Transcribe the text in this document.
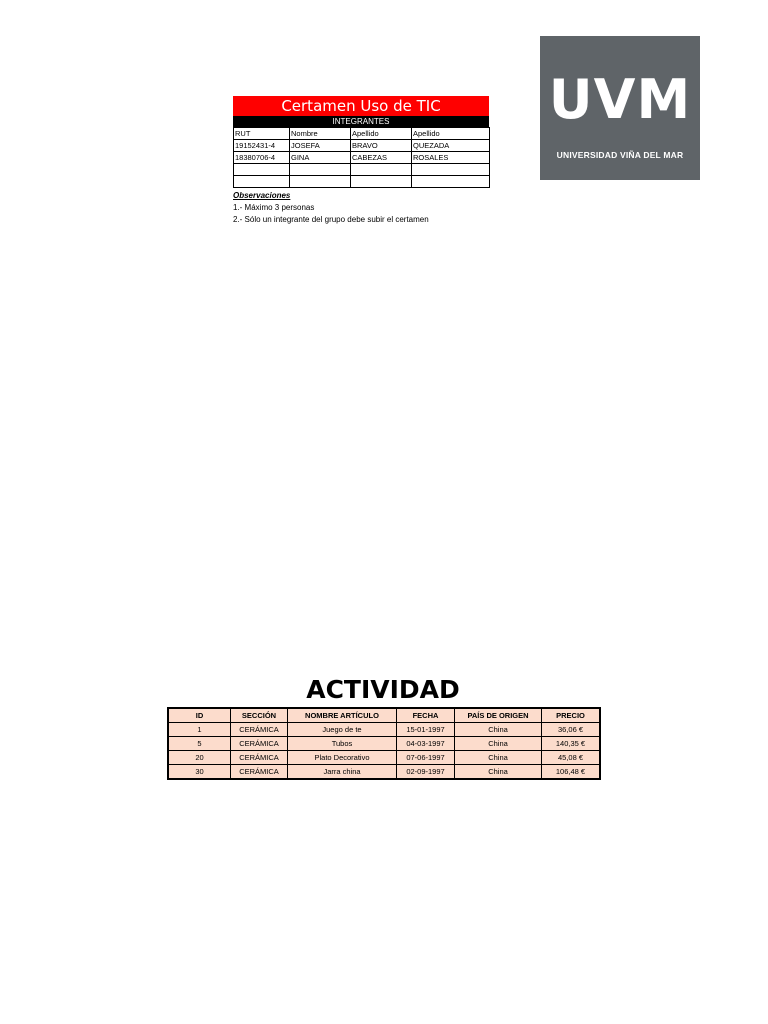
Certamen Uso de TIC
INTEGRANTES
RUT	Nombre	Apellido	Apellido
19152431-4	JOSEFA	BRAVO	QUEZADA
18380706-4	GINA	CABEZAS	ROSALES

Observaciones
1.- Máximo 3 personas
2.- Sólo un integrante del grupo debe subir el certamen
UVM
UNIVERSIDAD VIÑA DEL MAR
ACTIVIDAD
ID	SECCIÓN	NOMBRE ARTÍCULO	FECHA	PAÍS DE ORIGEN	PRECIO
1	CERÁMICA	Juego de te	15-01-1997	China	36,06 €
5	CERÁMICA	Tubos	04-03-1997	China	140,35 €
20	CERÁMICA	Plato Decorativo	07-06-1997	China	45,08 €
30	CERÁMICA	Jarra china	02-09-1997	China	106,48 €
